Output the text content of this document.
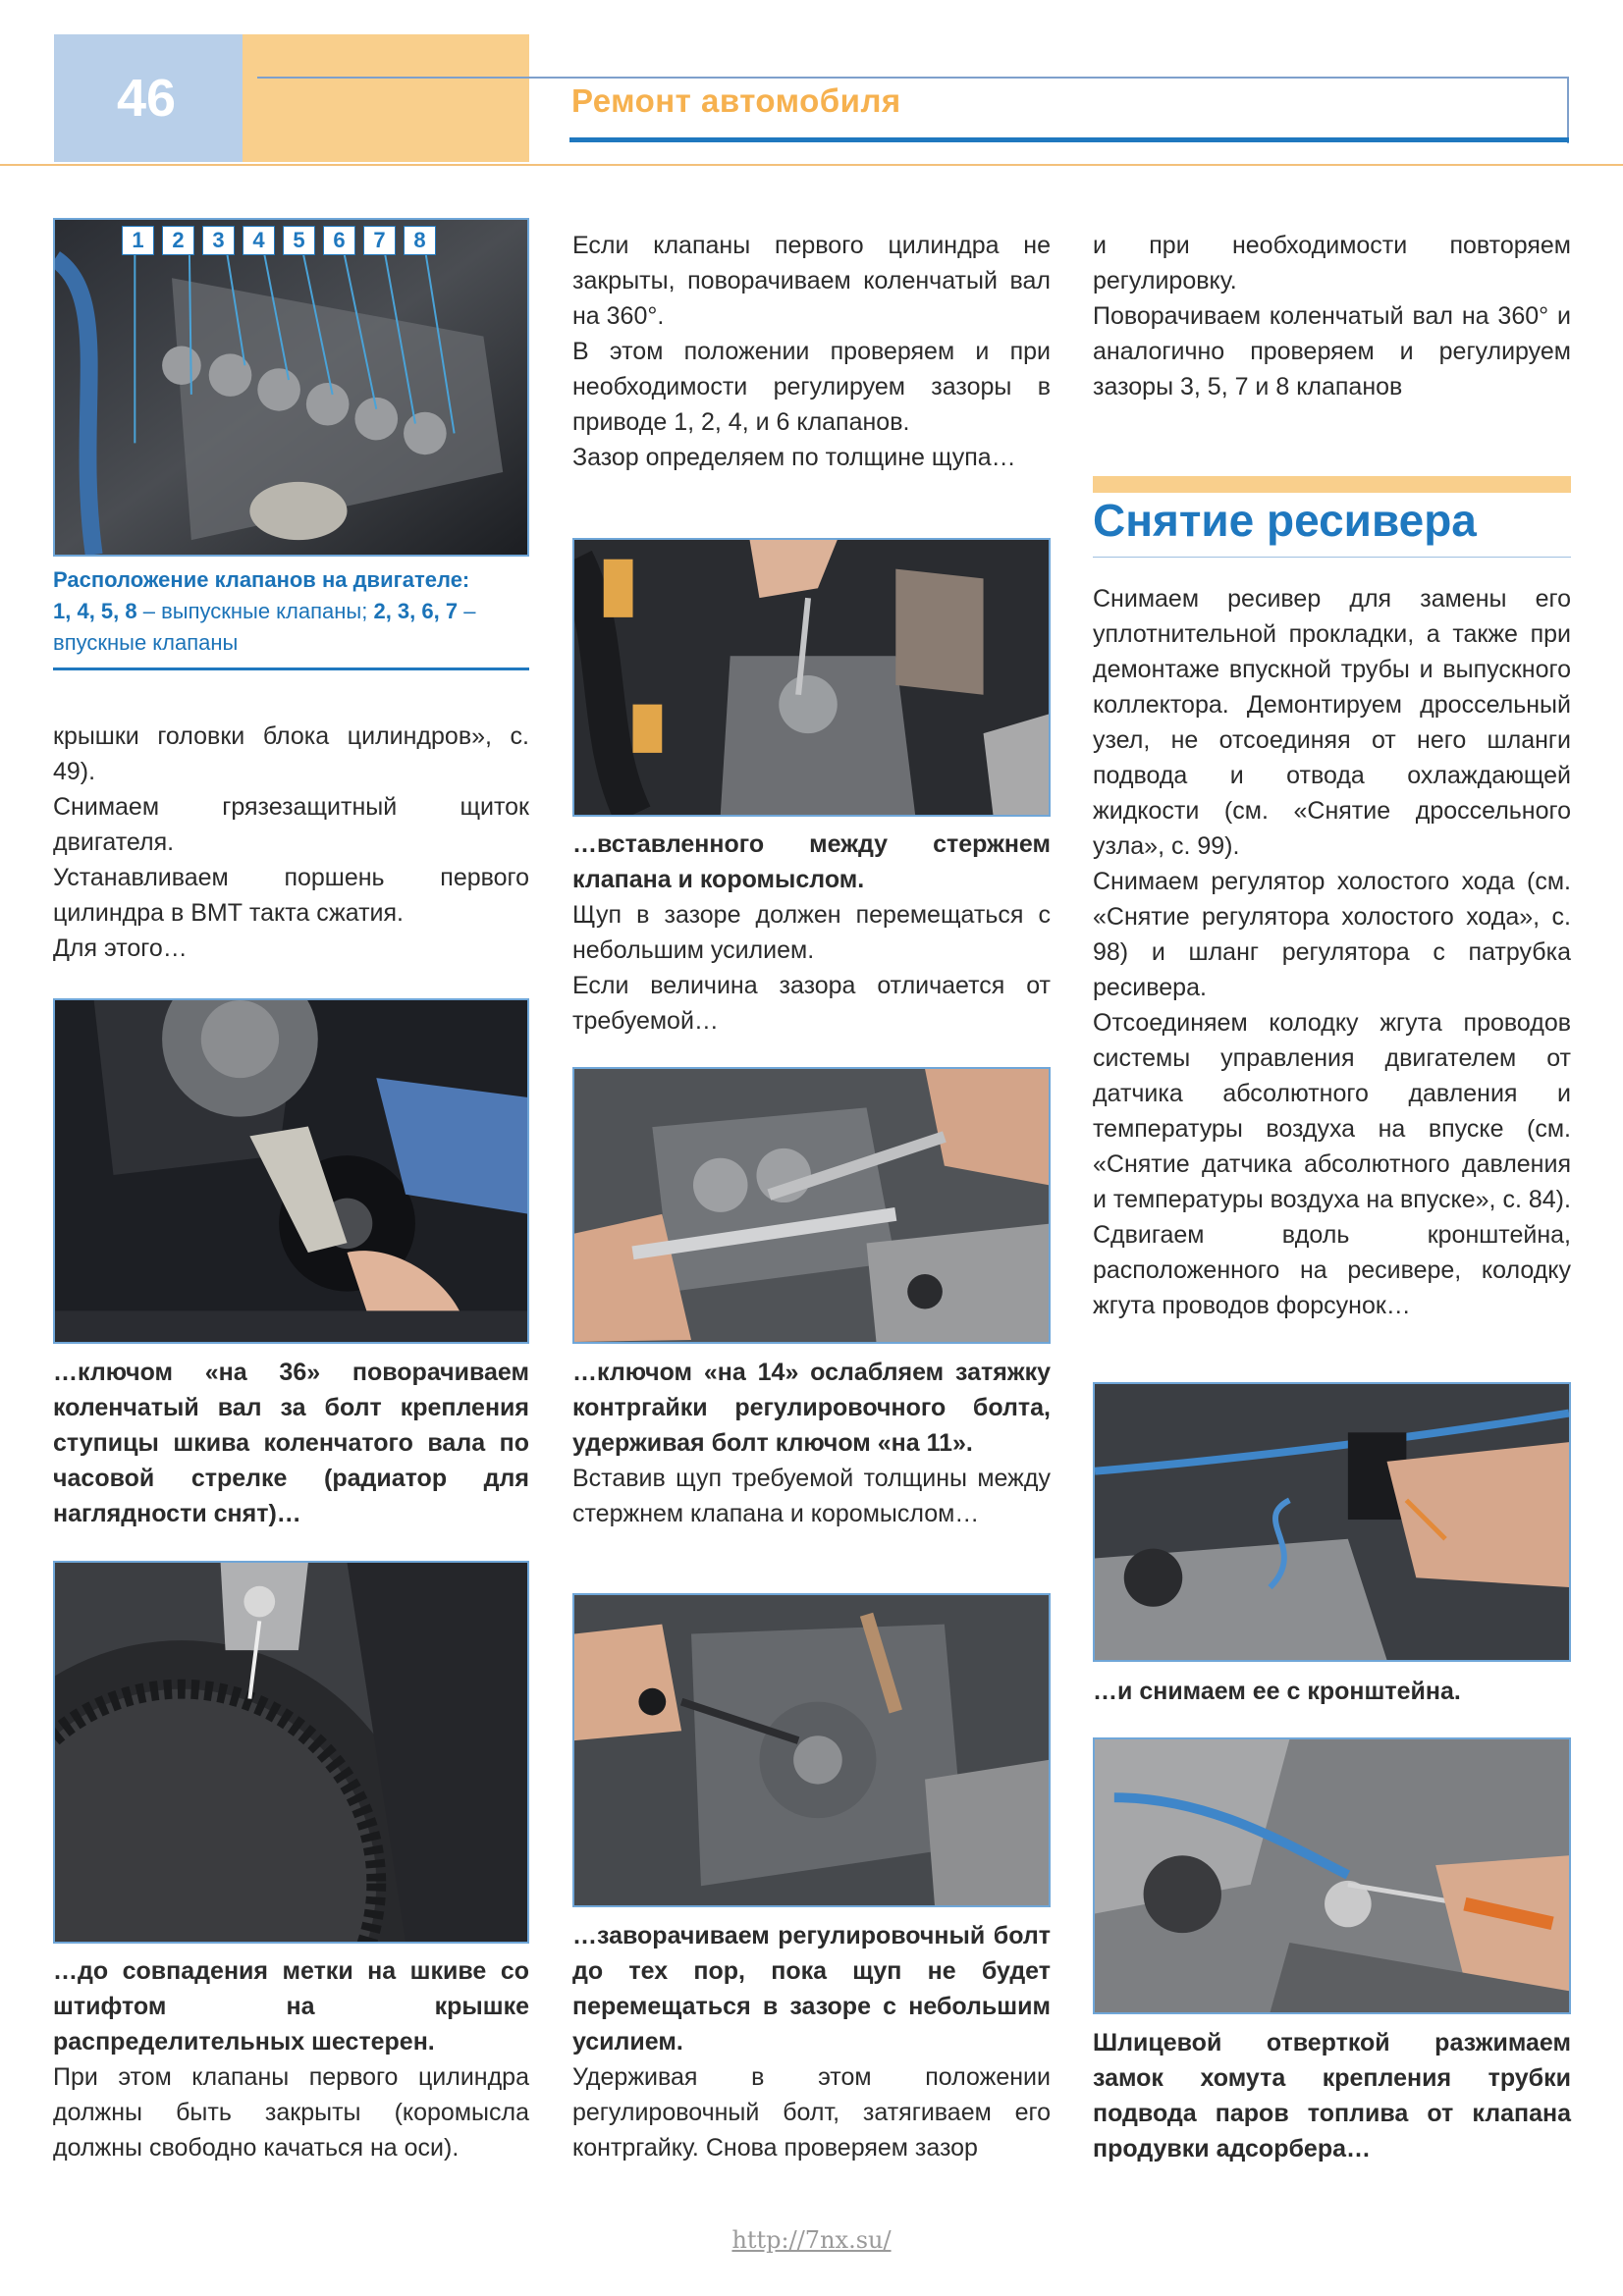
46	Ремонт автомобиля
1	2	3	4	5	6	7	8
Расположение клапанов на двигателе:
1, 4, 5, 8 – выпускные клапаны; 2, 3, 6, 7 –
впускные клапаны

крышки головки блока цилиндров», с. 49).

Снимаем грязезащитный щиток двигателя.

Устанавливаем поршень первого цилиндра в ВМТ такта сжатия.

Для этого…

…ключом «на 36» поворачиваем коленчатый вал за болт крепления ступицы шкива коленчатого вала по часовой стрелке (радиатор для наглядности снят)…

…до совпадения метки на шкиве со штифтом на крышке распределительных шестерен.

При этом клапаны первого цилиндра должны быть закрыты (коромысла должны свободно качаться на оси).

Если клапаны первого цилиндра не закрыты, поворачиваем коленчатый вал на 360°.

В этом положении проверяем и при необходимости регулируем зазоры в приводе 1, 2, 4, и 6 клапанов.

Зазор определяем по толщине щупа…

…вставленного между стержнем клапана и коромыслом.

Щуп в зазоре должен перемещаться с небольшим усилием.

Если величина зазора отличается от требуемой…

…ключом «на 14» ослабляем затяжку контргайки регулировочного болта, удерживая болт ключом «на 11».

Вставив щуп требуемой толщины между стержнем клапана и коромыслом…

…заворачиваем регулировочный болт до тех пор, пока щуп не будет перемещаться в зазоре с небольшим усилием.

Удерживая в этом положении регулировочный болт, затягиваем его контргайку. Снова проверяем зазор

и при необходимости повторяем регулировку.

Поворачиваем коленчатый вал на 360° и аналогично проверяем и регулируем зазоры 3, 5, 7 и 8 клапанов

Снятие ресивера

Снимаем ресивер для замены его уплотнительной прокладки, а также при демонтаже впускной трубы и выпускного коллектора. Демонтируем дроссельный узел, не отсоединяя от него шланги подвода и отвода охлаждающей жидкости (см. «Снятие дроссельного узла», с. 99).

Снимаем регулятор холостого хода (см. «Снятие регулятора холостого хода», с. 98) и шланг регулятора с патрубка ресивера.

Отсоединяем колодку жгута проводов системы управления двигателем от датчика абсолютного давления и температуры воздуха на впуске (см. «Снятие датчика абсолютного давления и температуры воздуха на впуске», с. 84).

Сдвигаем вдоль кронштейна, расположенного на ресивере, колодку жгута проводов форсунок…

…и снимаем ее с кронштейна.

Шлицевой отверткой разжимаем замок хомута крепления трубки подвода паров топлива от клапана продувки адсорбера…

http://7nx.su/
